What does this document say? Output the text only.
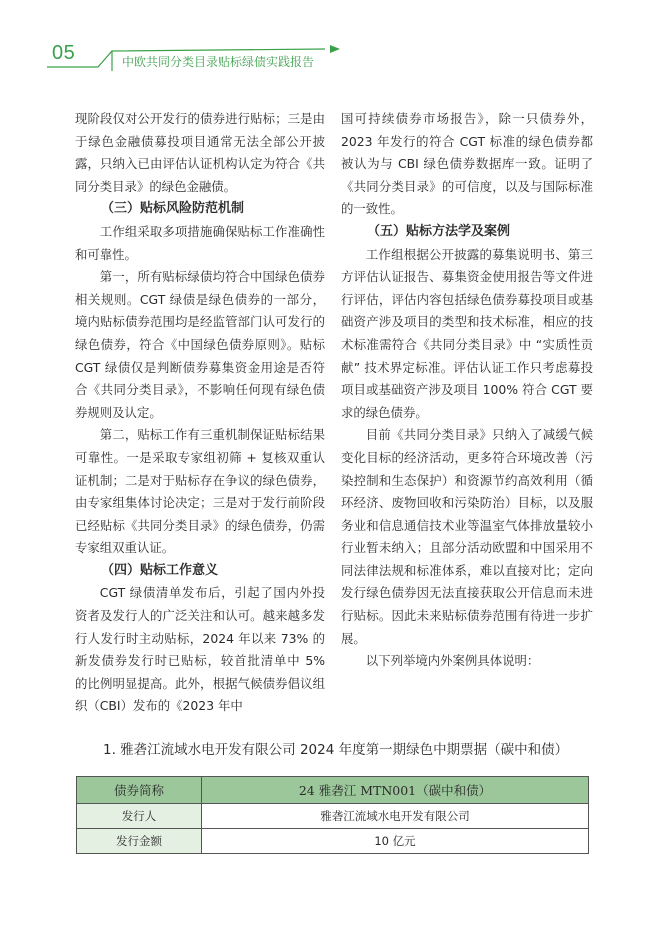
05	中欧共同分类目录贴标绿债实践报告

现阶段仅对公开发行的债券进行贴标；三是由于绿色金融债募投项目通常无法全部公开披露，只纳入已由评估认证机构认定为符合《共同分类目录》的绿色金融债。

（三）贴标风险防范机制

工作组采取多项措施确保贴标工作准确性和可靠性。

第一，所有贴标绿债均符合中国绿色债券相关规则。CGT 绿债是绿色债券的一部分，境内贴标债券范围均是经监管部门认可发行的绿色债券，符合《中国绿色债券原则》。贴标 CGT 绿债仅是判断债券募集资金用途是否符合《共同分类目录》，不影响任何现有绿色债券规则及认定。

第二，贴标工作有三重机制保证贴标结果可靠性。一是采取专家组初筛 + 复核双重认证机制；二是对于贴标存在争议的绿色债券，由专家组集体讨论决定；三是对于发行前阶段已经贴标《共同分类目录》的绿色债券，仍需专家组双重认证。

（四）贴标工作意义

CGT 绿债清单发布后，引起了国内外投资者及发行人的广泛关注和认可。越来越多发行人发行时主动贴标，2024 年以来 73% 的新发债券发行时已贴标，较首批清单中 5% 的比例明显提高。此外，根据气候债券倡议组织（CBI）发布的《2023 年中

国可持续债券市场报告》，除一只债券外，2023 年发行的符合 CGT 标准的绿色债券都被认为与 CBI 绿色债券数据库一致。证明了《共同分类目录》的可信度，以及与国际标准的一致性。

（五）贴标方法学及案例

工作组根据公开披露的募集说明书、第三方评估认证报告、募集资金使用报告等文件进行评估，评估内容包括绿色债券募投项目或基础资产涉及项目的类型和技术标准，相应的技术标准需符合《共同分类目录》中 “实质性贡献” 技术界定标准。评估认证工作只考虑募投项目或基础资产涉及项目 100% 符合 CGT 要求的绿色债券。

目前《共同分类目录》只纳入了减缓气候变化目标的经济活动，更多符合环境改善（污染控制和生态保护）和资源节约高效利用（循环经济、废物回收和污染防治）目标，以及服务业和信息通信技术业等温室气体排放量较小行业暂未纳入；且部分活动欧盟和中国采用不同法律法规和标准体系，难以直接对比；定向发行绿色债券因无法直接获取公开信息而未进行贴标。因此未来贴标债券范围有待进一步扩展。

以下列举境内外案例具体说明：

1. 雅砻江流域水电开发有限公司 2024 年度第一期绿色中期票据（碳中和债）
债券简称	24 雅砻江 MTN001（碳中和债）
发行人	雅砻江流域水电开发有限公司
发行金额	10 亿元
